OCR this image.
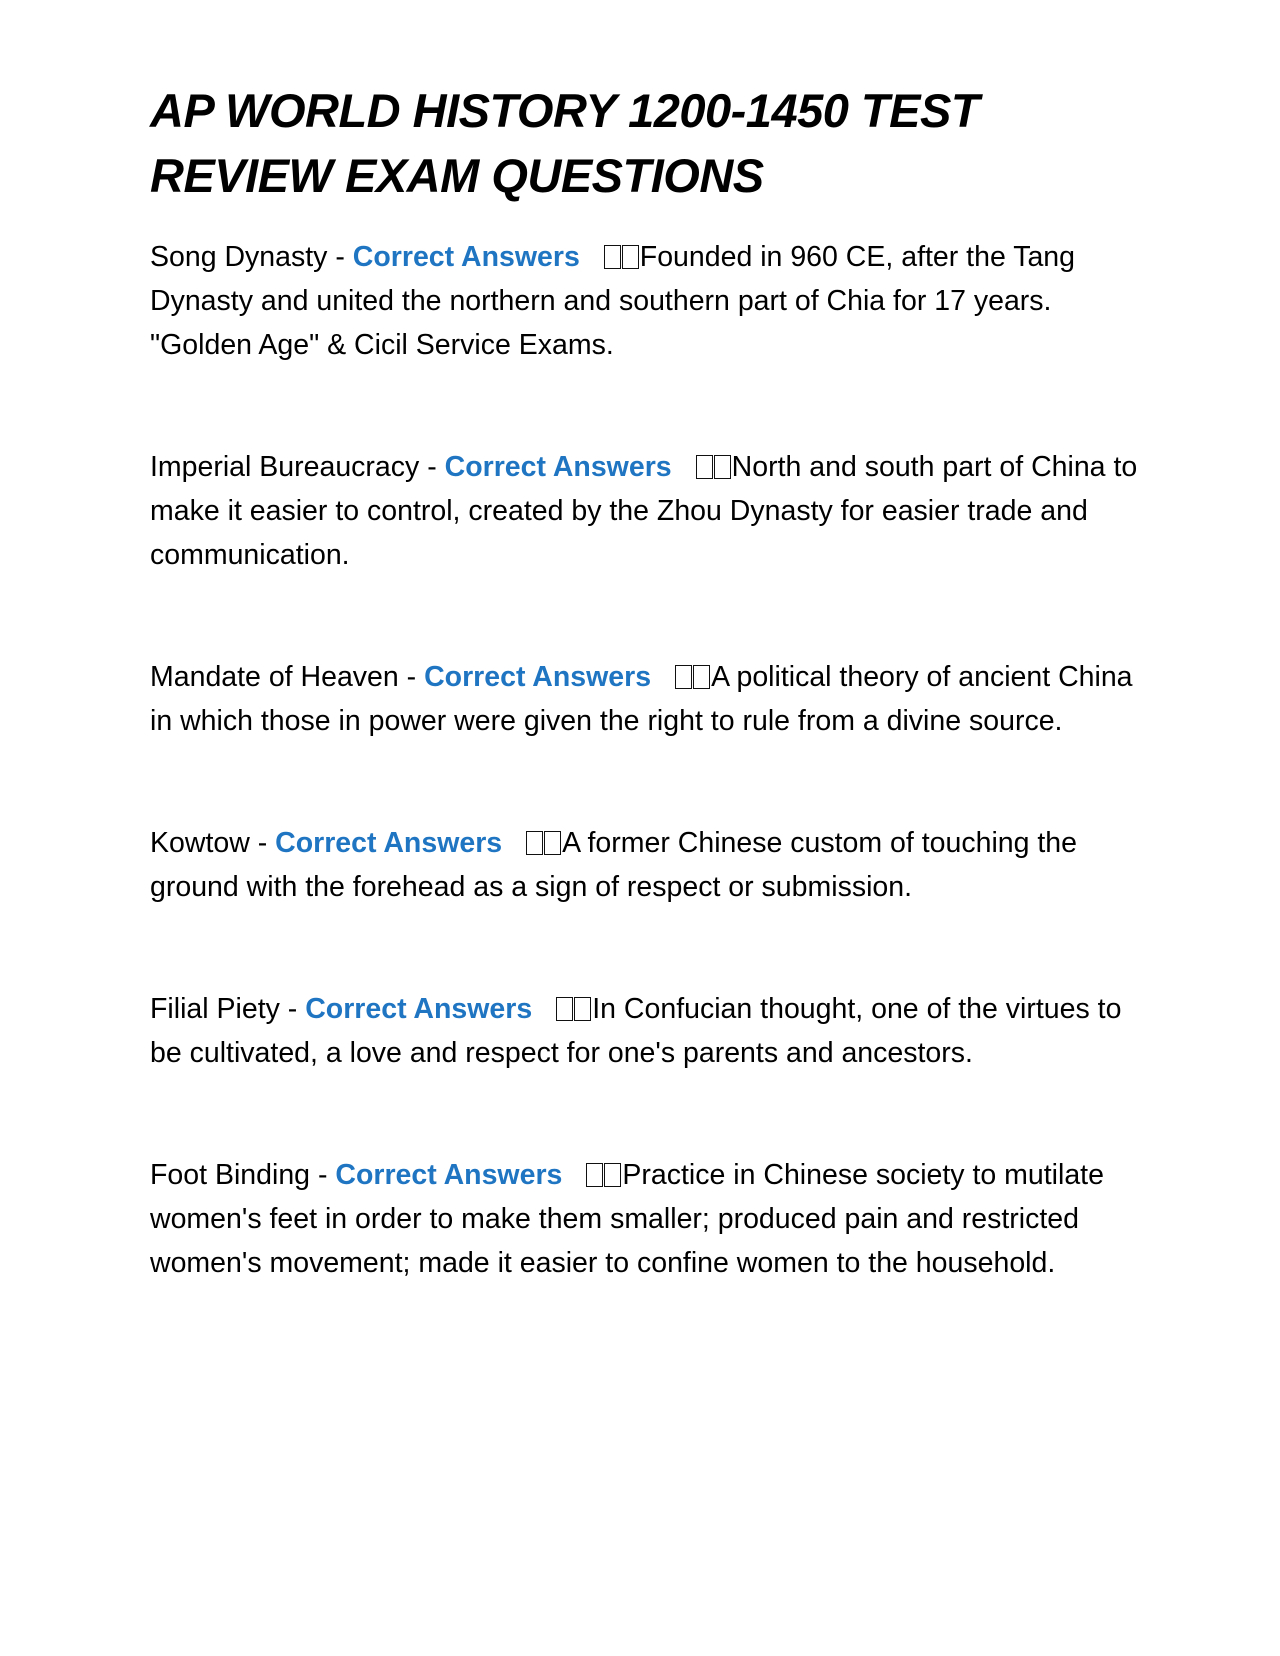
AP WORLD HISTORY 1200-1450 TEST REVIEW EXAM QUESTIONS

Song Dynasty - Correct Answers Founded in 960 CE, after the Tang Dynasty and united the northern and southern part of Chia for 17 years. "Golden Age" & Cicil Service Exams.

Imperial Bureaucracy - Correct Answers North and south part of China to make it easier to control, created by the Zhou Dynasty for easier trade and communication.

Mandate of Heaven - Correct Answers A political theory of ancient China in which those in power were given the right to rule from a divine source.

Kowtow - Correct Answers A former Chinese custom of touching the ground with the forehead as a sign of respect or submission.

Filial Piety - Correct Answers In Confucian thought, one of the virtues to be cultivated, a love and respect for one's parents and ancestors.

Foot Binding - Correct Answers Practice in Chinese society to mutilate women's feet in order to make them smaller; produced pain and restricted women's movement; made it easier to confine women to the household.
